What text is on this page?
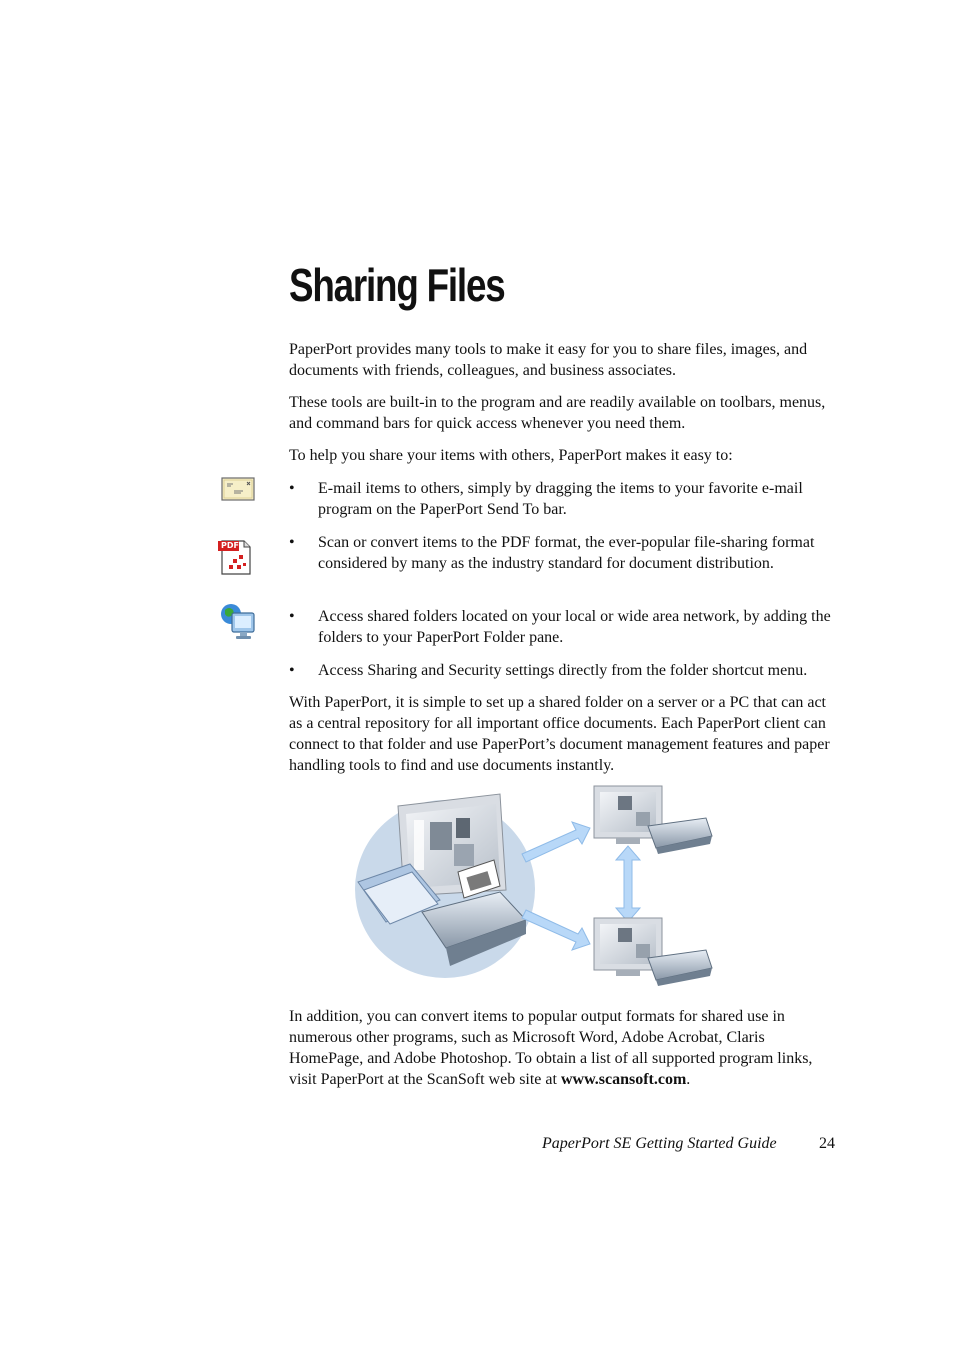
Sharing Files

PaperPort provides many tools to make it easy for you to share files, images, and documents with friends, colleagues, and business associates.

These tools are built-in to the program and are readily available on toolbars, menus, and command bars for quick access whenever you need them.

To help you share your items with others, PaperPort makes it easy to:

PDF
• E-mail items to others, simply by dragging the items to your favorite e-mail program on the PaperPort Send To bar.

• Scan or convert items to the PDF format, the ever-popular file-sharing format considered by many as the industry standard for document distribution.

• Access shared folders located on your local or wide area network, by adding the folders to your PaperPort Folder pane.

• Access Sharing and Security settings directly from the folder shortcut menu.

With PaperPort, it is simple to set up a shared folder on a server or a PC that can act as a central repository for all important office documents. Each PaperPort client can connect to that folder and use PaperPort’s document management features and paper handling tools to find and use documents instantly.

In addition, you can convert items to popular output formats for shared use in numerous other programs, such as Microsoft Word, Adobe Acrobat, Claris HomePage, and Adobe Photoshop. To obtain a list of all supported program links, visit PaperPort at the ScanSoft web site at www.scansoft.com.

PaperPort SE Getting Started Guide	24
